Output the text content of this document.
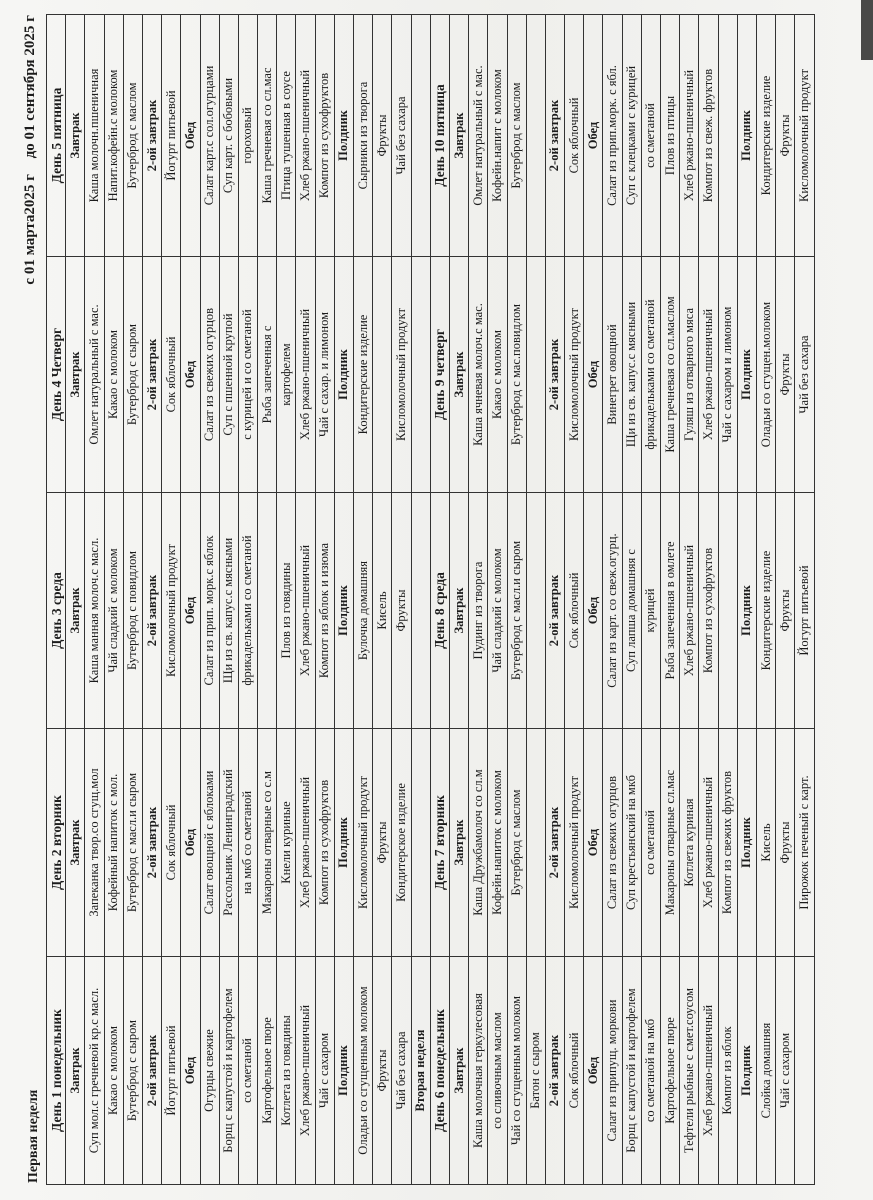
Первая неделя
с 01 марта2025 г до 01 сентября 2025 г
День 1 понедельник	День 2 вторник	День 3 среда	День 4 Четверг	День 5 пятница
Завтрак	Завтрак	Завтрак	Завтрак	Завтрак
Суп мол.с гречневой кр.с масл.	Запеканка твор.со сгущ.мол	Каша манная молоч.с масл.	Омлет натуральный с мас.	Каша молочн.пшеничная
Какао с молоком	Кофейный напиток с мол.	Чай сладкий с молоком	Какао с молоком	Напит.кофейн.с молоком
Бутерброд с сыром	Бутерброд с масл.и сыром	Бутерброд с повидлом	Бутерброд с сыром	Бутерброд с маслом
2-ой завтрак	2-ой завтрак	2-ой завтрак	2-ой завтрак	2-ой завтрак
Йогурт питьевой	Сок яблочный	Кисломолочный продукт	Сок яблочный	Йогурт питьевой
Обед	Обед	Обед	Обед	Обед
Огурцы свежие	Салат овощной с яблоками	Салат из прип. морк.с яблок	Салат из свежих огурцов	Салат карт.с сол.огурцами
Борщ с капустой и картофелем	Рассольник Ленинградский	Щи из св. капус.с мясными	Суп с пшенной крупой	Суп карт. с бобовыми
со сметаной	на мкб со сметаной	фрикадельками со сметаной	с курицей и со сметаной	гороховый
Картофельное пюре	Макароны отварные со с.м		Рыба запеченная с	Каша гречневая со сл.мас
Котлета из говядины	Кнели куриные	Плов из говядины	картофелем	Птица тушенная в соусе
Хлеб ржано-пшеничный	Хлеб ржано-пшеничный	Хлеб ржано-пшеничный	Хлеб ржано-пшеничный	Хлеб ржано-пшеничный
Чай с сахаром	Компот из сухофруктов	Компот из яблок и изюма	Чай с сахар. и лимоном	Компот из сухофруктов
Полдник	Полдник	Полдник	Полдник	Полдник
Оладьи со сгущенным молоком	Кисломолочный продукт	Булочка домашняя	Кондитерские изделие	Сырники из творога
Фрукты	Фрукты	Кисель		Фрукты
Чай без сахара	Кондитерское изделие	Фрукты	Кисломолочный продукт	Чай без сахара
Вторая неделя				
День 6 понедельник	День 7 вторник	День 8 среда	День 9 четверг	День 10 пятница
Завтрак	Завтрак	Завтрак	Завтрак	Завтрак
Каша молочная геркулесовая	Каша Дружбамолоч со сл.м	Пудинг из творога	Каша ячневая молоч.с мас.	Омлет натуральный с мас.
со сливочным маслом	Кофейн.напиток с молоком	Чай сладкий с молоком	Какао с молоком	Кофейн.напит с молоком
Чай со сгущенным молоком	Бутерброд с маслом	Бутерброд с масл.и сыром	Бутерброд с мас.повидлом	Бутерброд с маслом
Батон с сыром				
2-ой завтрак	2-ой завтрак	2-ой завтрак	2-ой завтрак	2-ой завтрак
Сок яблочный	Кисломолочный продукт	Сок яблочный	Кисломолочный продукт	Сок яблочный
Обед	Обед	Обед	Обед	Обед
Салат из припущ. моркови	Салат из свежих огурцов	Салат из карт. со свеж.огурц.	Винегрет овощной	Салат из прип.морк. с ябл.
Борщ с капустой и картофелем	Суп крестьянский на мкб	Суп лапша домашняя с	Щи из св. капус.с мясными	Суп с клецками с курицей
со сметаной на мкб	со сметаной	курицей	фрикадельками со сметаной	со сметаной
Картофельное пюре	Макароны отварные сл.мас	Рыба запеченная в омлете	Каша гречневая со сл.маслом	Плов из птицы
Тефтели рыбные с смет.соусом	Котлета куриная	Хлеб ржано-пшеничный	Гуляш из отварного мяса	Хлеб ржано-пшеничный
Хлеб ржано-пшеничный	Хлеб ржано-пшеничный	Компот из сухофруктов	Хлеб ржано-пшеничный	Компот из свеж. фруктов
Компот из яблок	Компот из свежих фруктов		Чай с сахаром и лимоном	
Полдник	Полдник	Полдник	Полдник	Полдник
Слойка домашняя	Кисель	Кондитерские изделие	Оладьи со сгущен.молоком	Кондитерские изделие
Чай с сахаром	Фрукты	Фрукты	Фрукты	Фрукты
	Пирожок печеный с карт.	Йогурт питьевой	Чай без сахара	Кисломолочный продукт
